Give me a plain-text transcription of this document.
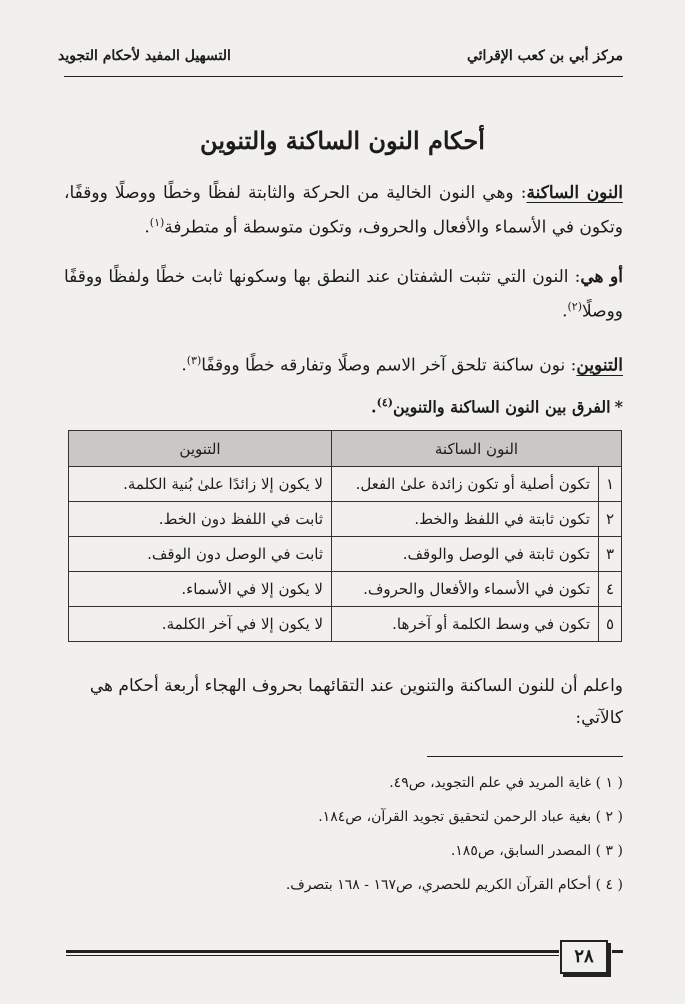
مركز أبي بن كعب الإقرائي
التسهيل المفيد لأحكام التجويد
أحكام النون الساكنة والتنوين
النون الساكنة: وهي النون الخالية من الحركة والثابتة لفظًا وخطًا ووصلًا ووقفًا، وتكون في الأسماء والأفعال والحروف، وتكون متوسطة أو متطرفة$^{(١)}$.
أو هي: النون التي تثبت الشفتان عند النطق بها وسكونها ثابت خطًا ولفظًا ووقفًا ووصلًا$^{(٢)}$.
التنوين: نون ساكنة تلحق آخر الاسم وصلًا وتفارقه خطًا ووقفًا$^{(٣)}$.
*الفرق بين النون الساكنة والتنوين$^{(٤)}$.
النون الساكنة		التنوين
١	تكون أصلية أو تكون زائدة علىٰ الفعل.	لا يكون إلا زائدًا علىٰ بُنية الكلمة.
٢	تكون ثابتة في اللفظ والخط.	ثابت في اللفظ دون الخط.
٣	تكون ثابتة في الوصل والوقف.	ثابت في الوصل دون الوقف.
٤	تكون في الأسماء والأفعال والحروف.	لا يكون إلا في الأسماء.
٥	تكون في وسط الكلمة أو آخرها.	لا يكون إلا في آخر الكلمة.
واعلم أن للنون الساكنة والتنوين عند التقائهما بحروف الهجاء أربعة أحكام هي كالآتي:
( ١ ) غاية المريد في علم التجويد، ص٤٩.
( ٢ ) بغية عباد الرحمن لتحقيق تجويد القرآن، ص١٨٤.
( ٣ ) المصدر السابق، ص١٨٥.
( ٤ ) أحكام القرآن الكريم للحصري، ص١٦٧ - ١٦٨ بتصرف.
٢٨
